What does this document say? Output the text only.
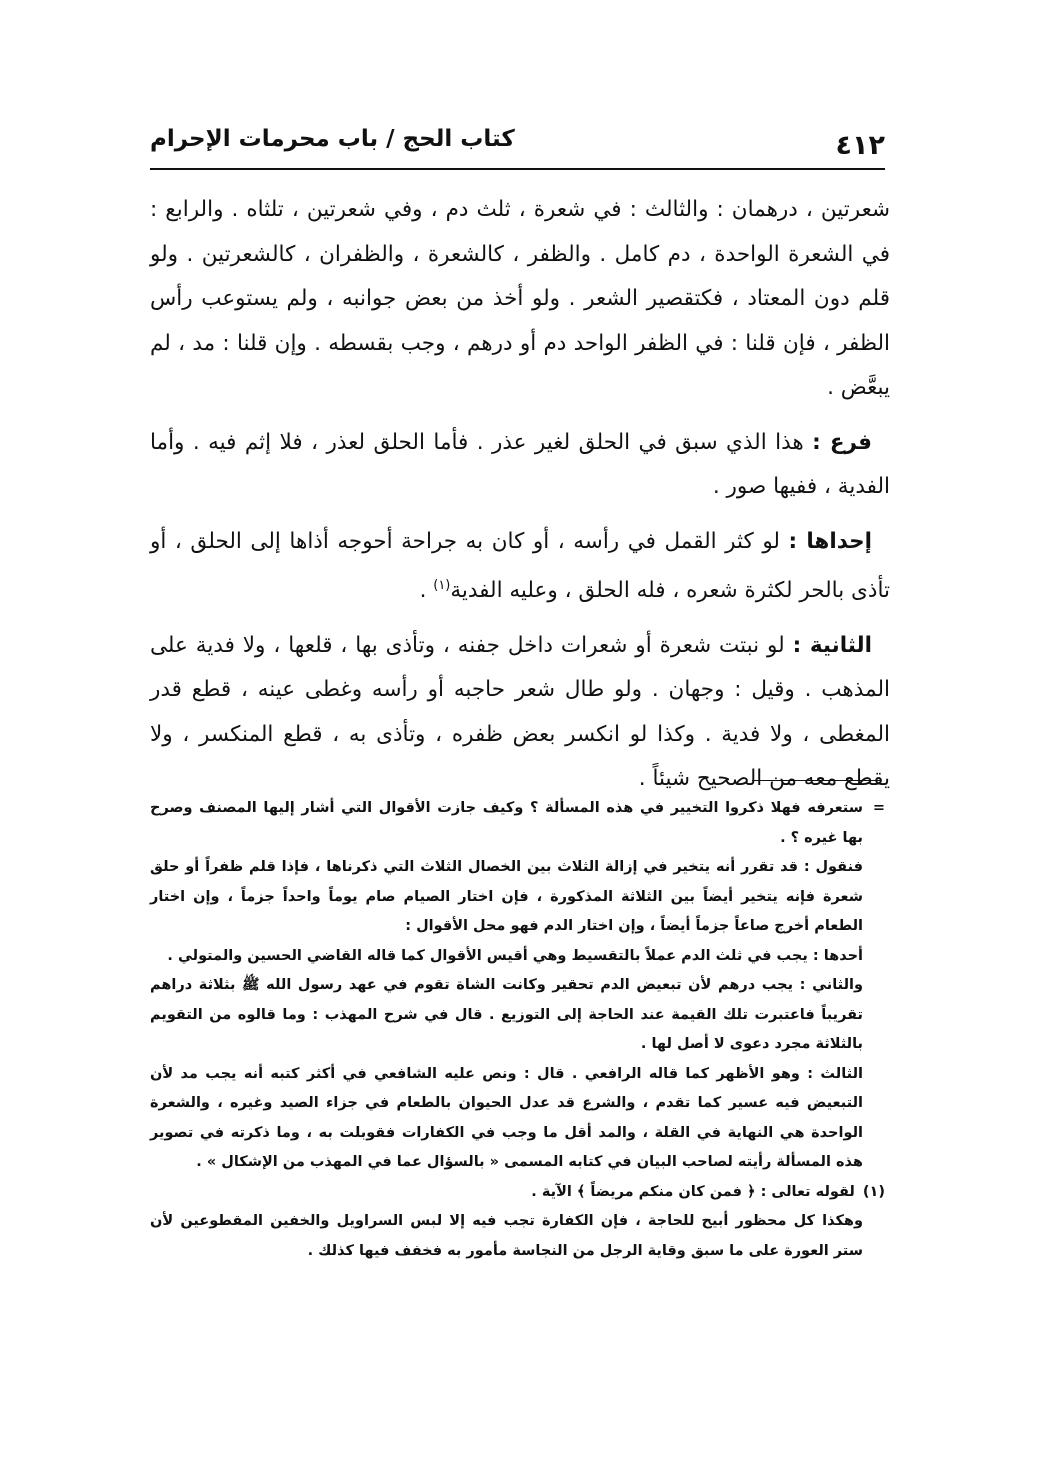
٤١٢
كتاب الحج / باب محرمات الإحرام

شعرتين ، درهمان : والثالث : في شعرة ، ثلث دم ، وفي شعرتين ، تلثاه . والرابع : في الشعرة الواحدة ، دم كامل . والظفر ، كالشعرة ، والظفران ، كالشعرتين . ولو قلم دون المعتاد ، فكتقصير الشعر . ولو أخذ من بعض جوانبه ، ولم يستوعب رأس الظفر ، فإن قلنا : في الظفر الواحد دم أو درهم ، وجب بقسطه . وإن قلنا : مد ، لم يبعَّض .

فرع : هذا الذي سبق في الحلق لغير عذر . فأما الحلق لعذر ، فلا إثم فيه . وأما الفدية ، ففيها صور .

إحداها : لو كثر القمل في رأسه ، أو كان به جراحة أحوجه أذاها إلى الحلق ، أو تأذى بالحر لكثرة شعره ، فله الحلق ، وعليه الفدية$^{(١)}$ .

الثانية : لو نبتت شعرة أو شعرات داخل جفنه ، وتأذى بها ، قلعها ، ولا فدية على المذهب . وقيل : وجهان . ولو طال شعر حاجبه أو رأسه وغطى عينه ، قطع قدر المغطى ، ولا فدية . وكذا لو انكسر بعض ظفره ، وتأذى به ، قطع المنكسر ، ولا يقطع معه من الصحيح شيئاً .

=ستعرفه فهلا ذكروا التخيير في هذه المسألة ؟ وكيف جازت الأقوال التي أشار إليها المصنف وصرح بها غيره ؟ .

فنقول : قد تقرر أنه يتخير في إزالة الثلاث بين الخصال الثلاث التي ذكرناها ، فإذا قلم ظفراً أو حلق شعرة فإنه يتخير أيضاً بين الثلاثة المذكورة ، فإن اختار الصيام صام يوماً واحداً جزماً ، وإن اختار الطعام أخرج صاعاً جزماً أيضاً ، وإن اختار الدم فهو محل الأقوال :

أحدها : يجب في ثلث الدم عملاً بالتقسيط وهي أقيس الأقوال كما قاله القاضي الحسين والمتولي .

والثاني : يجب درهم لأن تبعيض الدم تحقير وكانت الشاة تقوم في عهد رسول الله ﷺ بثلاثة دراهم تقريباً فاعتبرت تلك القيمة عند الحاجة إلى التوزيع . قال في شرح المهذب : وما قالوه من التقويم بالثلاثة مجرد دعوى لا أصل لها .

الثالث : وهو الأظهر كما قاله الرافعي . قال : ونص عليه الشافعي في أكثر كتبه أنه يجب مد لأن التبعيض فيه عسير كما تقدم ، والشرع قد عدل الحيوان بالطعام في جزاء الصيد وغيره ، والشعرة الواحدة هي النهاية في القلة ، والمد أقل ما وجب في الكفارات فقوبلت به ، وما ذكرته في تصوير هذه المسألة رأيته لصاحب البيان في كتابه المسمى « بالسؤال عما في المهذب من الإشكال » .

(١)لقوله تعالى : ﴿ فمن كان منكم مريضاً ﴾ الآية .

وهكذا كل محظور أبيح للحاجة ، فإن الكفارة تجب فيه إلا لبس السراويل والخفين المقطوعين لأن ستر العورة على ما سبق وقاية الرجل من النجاسة مأمور به فخفف فيها كذلك .
